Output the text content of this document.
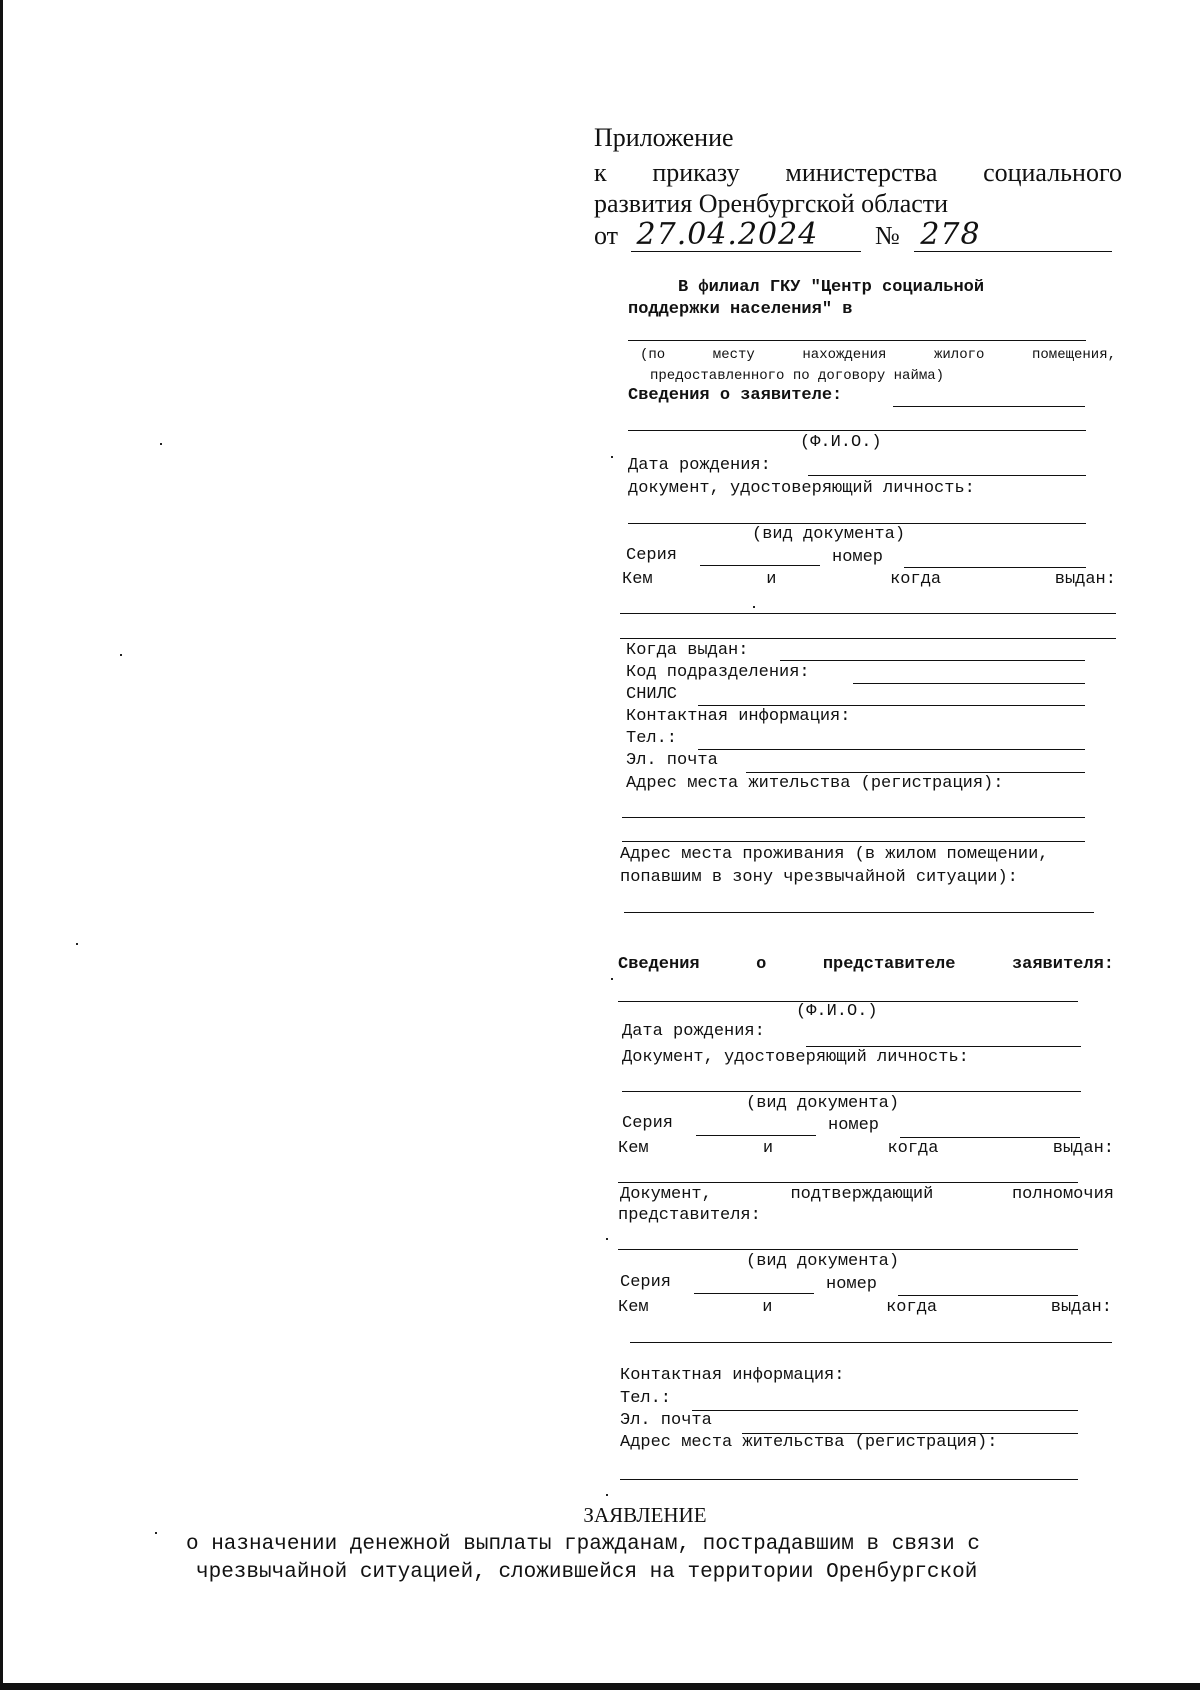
Приложение
к приказу министерства социального
развития Оренбургской области
от 27.04.2024 № 278
В филиал ГКУ "Центр социальной
поддержки населения" в
(по	месту	нахождения	жилого	помещения,
предоставленного по договору найма)
Сведения о заявителе:
(Ф.И.О.)
Дата рождения:
документ, удостоверяющий личность:
(вид документа)
Серия	номер
Кем	и	когда	выдан:
Когда выдан:
Код подразделения:
СНИЛС
Контактная информация:
Тел.:
Эл. почта
Адрес места жительства (регистрация):
Адрес места проживания (в жилом помещении,
попавшим в зону чрезвычайной ситуации):
Сведения	о	представителе	заявителя:
(Ф.И.О.)
Дата рождения:
Документ, удостоверяющий личность:
(вид документа)
Серия	номер
Кем	и	когда	выдан:
Документ,	подтверждающий	полномочия
представителя:
(вид документа)
Серия	номер
Кем	и	когда	выдан:
Контактная информация:
Тел.:
Эл. почта
Адрес места жительства (регистрация):
ЗАЯВЛЕНИЕ
о назначении денежной выплаты гражданам, пострадавшим в связи с
чрезвычайной ситуацией, сложившейся на территории Оренбургской
